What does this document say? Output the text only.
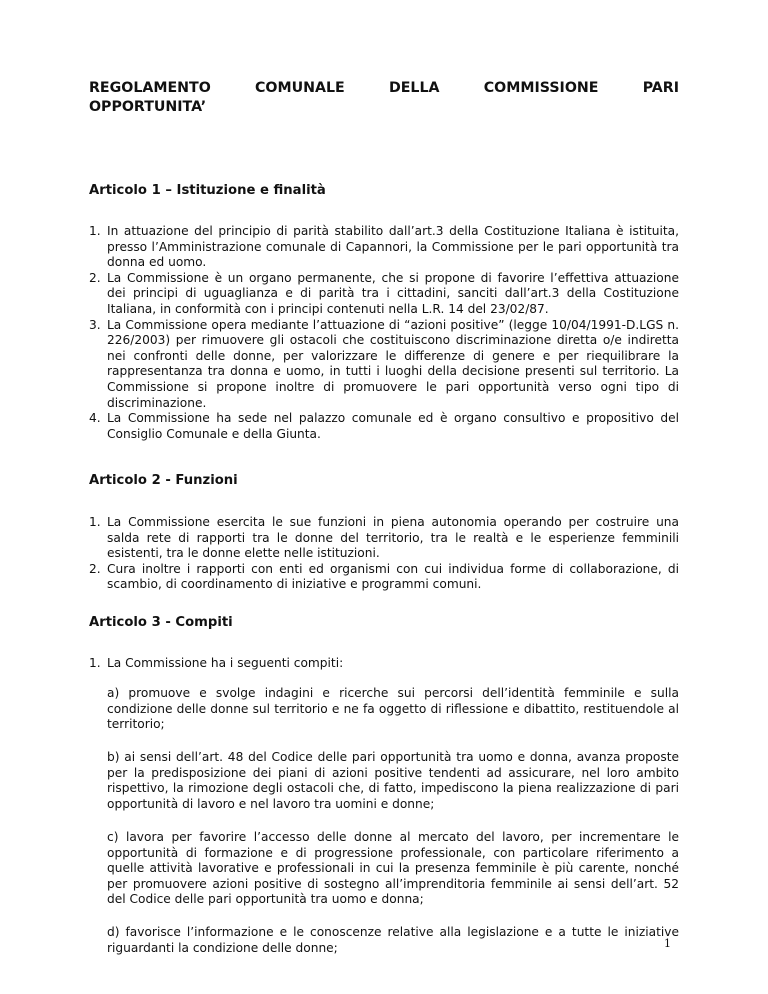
REGOLAMENTO	COMUNALE	DELLA	COMMISSIONE	PARI
OPPORTUNITA’
Articolo 1 – Istituzione e finalità
1. In attuazione del principio di parità stabilito dall’art.3 della Costituzione Italiana è istituita, presso l’Amministrazione comunale di Capannori, la Commissione per le pari opportunità tra donna ed uomo.
2. La Commissione è un organo permanente, che si propone di favorire l’effettiva attuazione dei principi di uguaglianza e di parità tra i cittadini, sanciti dall’art.3 della Costituzione Italiana, in conformità con i principi contenuti nella L.R. 14 del 23/02/87.
3. La Commissione opera mediante l’attuazione di “azioni positive” (legge 10/04/1991-D.LGS n. 226/2003) per rimuovere gli ostacoli che costituiscono discriminazione diretta o/e indiretta nei confronti delle donne, per valorizzare le differenze di genere e per riequilibrare la rappresentanza tra donna e uomo, in tutti i luoghi della decisione presenti sul territorio. La Commissione si propone inoltre di promuovere le pari opportunità verso ogni tipo di discriminazione.
4. La Commissione ha sede nel palazzo comunale ed è organo consultivo e propositivo del Consiglio Comunale e della Giunta.
Articolo 2 - Funzioni
1. La Commissione esercita le sue funzioni in piena autonomia operando per costruire una salda rete di rapporti tra le donne del territorio, tra le realtà e le esperienze femminili esistenti, tra le donne elette nelle istituzioni.
2. Cura inoltre i rapporti con enti ed organismi con cui individua forme di collaborazione, di scambio, di coordinamento di iniziative e programmi comuni.
Articolo 3 - Compiti
1. La Commissione ha i seguenti compiti:
a) promuove e svolge indagini e ricerche sui percorsi dell’identità femminile e sulla condizione delle donne sul territorio e ne fa oggetto di riflessione e dibattito, restituendole al territorio;
b) ai sensi dell’art. 48 del Codice delle pari opportunità tra uomo e donna, avanza proposte per la predisposizione dei piani di azioni positive tendenti ad assicurare, nel loro ambito rispettivo, la rimozione degli ostacoli che, di fatto, impediscono la piena realizzazione di pari opportunità di lavoro e nel lavoro tra uomini e donne;
c) lavora per favorire l’accesso delle donne al mercato del lavoro, per incrementare le opportunità di formazione e di progressione professionale, con particolare riferimento a quelle attività lavorative e professionali in cui la presenza femminile è più carente, nonché per promuovere azioni positive di sostegno all’imprenditoria femminile ai sensi dell’art. 52 del Codice delle pari opportunità tra uomo e donna;
d) favorisce l’informazione e le conoscenze relative alla legislazione e a tutte le iniziative riguardanti la condizione delle donne;	1
